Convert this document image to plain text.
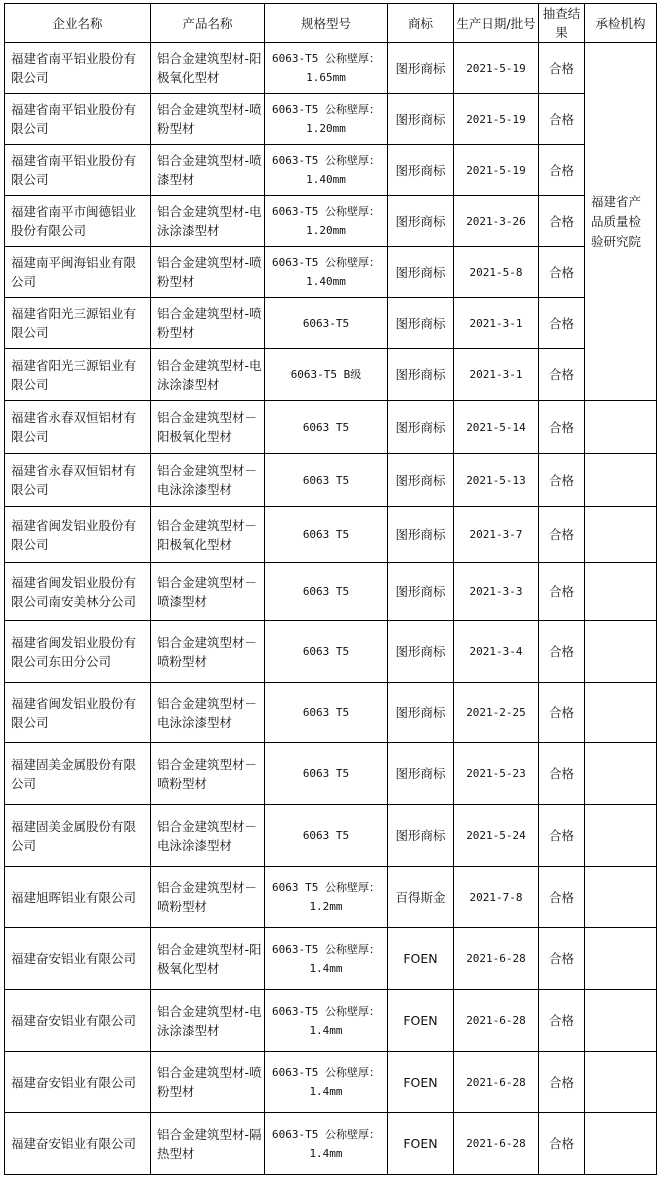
企业名称	产品名称	规格型号	商标	生产日期/批号	抽查结果	承检机构
福建省南平铝业股份有限公司	铝合金建筑型材-阳极氧化型材	6063-T5 公称壁厚：1.65mm	图形商标	2021-5-19	合格	福建省产品质量检验研究院
福建省南平铝业股份有限公司	铝合金建筑型材-喷粉型材	6063-T5 公称壁厚：1.20mm	图形商标	2021-5-19	合格	
福建省南平铝业股份有限公司	铝合金建筑型材-喷漆型材	6063-T5 公称壁厚：1.40mm	图形商标	2021-5-19	合格	
福建省南平市闽德铝业股份有限公司	铝合金建筑型材-电泳涂漆型材	6063-T5 公称壁厚：1.20mm	图形商标	2021-3-26	合格	
福建南平闽海铝业有限公司	铝合金建筑型材-喷粉型材	6063-T5 公称壁厚：1.40mm	图形商标	2021-5-8	合格	
福建省阳光三源铝业有限公司	铝合金建筑型材-喷粉型材	6063-T5	图形商标	2021-3-1	合格	
福建省阳光三源铝业有限公司	铝合金建筑型材-电泳涂漆型材	6063-T5 B级	图形商标	2021-3-1	合格	
福建省永春双恒铝材有限公司	铝合金建筑型材－阳极氧化型材	6063 T5	图形商标	2021-5-14	合格	
福建省永春双恒铝材有限公司	铝合金建筑型材－电泳涂漆型材	6063 T5	图形商标	2021-5-13	合格	
福建省闽发铝业股份有限公司	铝合金建筑型材－阳极氧化型材	6063 T5	图形商标	2021-3-7	合格	
福建省闽发铝业股份有限公司南安美林分公司	铝合金建筑型材－喷漆型材	6063 T5	图形商标	2021-3-3	合格	
福建省闽发铝业股份有限公司东田分公司	铝合金建筑型材－喷粉型材	6063 T5	图形商标	2021-3-4	合格	
福建省闽发铝业股份有限公司	铝合金建筑型材－电泳涂漆型材	6063 T5	图形商标	2021-2-25	合格	
福建固美金属股份有限公司	铝合金建筑型材－喷粉型材	6063 T5	图形商标	2021-5-23	合格	
福建固美金属股份有限公司	铝合金建筑型材－电泳涂漆型材	6063 T5	图形商标	2021-5-24	合格	
福建旭晖铝业有限公司	铝合金建筑型材－喷粉型材	6063 T5 公称壁厚：1.2mm	百得斯金	2021-7-8	合格	
福建奋安铝业有限公司	铝合金建筑型材-阳极氧化型材	6063-T5 公称壁厚：1.4mm	FOEN	2021-6-28	合格	
福建奋安铝业有限公司	铝合金建筑型材-电泳涂漆型材	6063-T5 公称壁厚：1.4mm	FOEN	2021-6-28	合格	
福建奋安铝业有限公司	铝合金建筑型材-喷粉型材	6063-T5 公称壁厚：1.4mm	FOEN	2021-6-28	合格	
福建奋安铝业有限公司	铝合金建筑型材-隔热型材	6063-T5 公称壁厚：1.4mm	FOEN	2021-6-28	合格	
